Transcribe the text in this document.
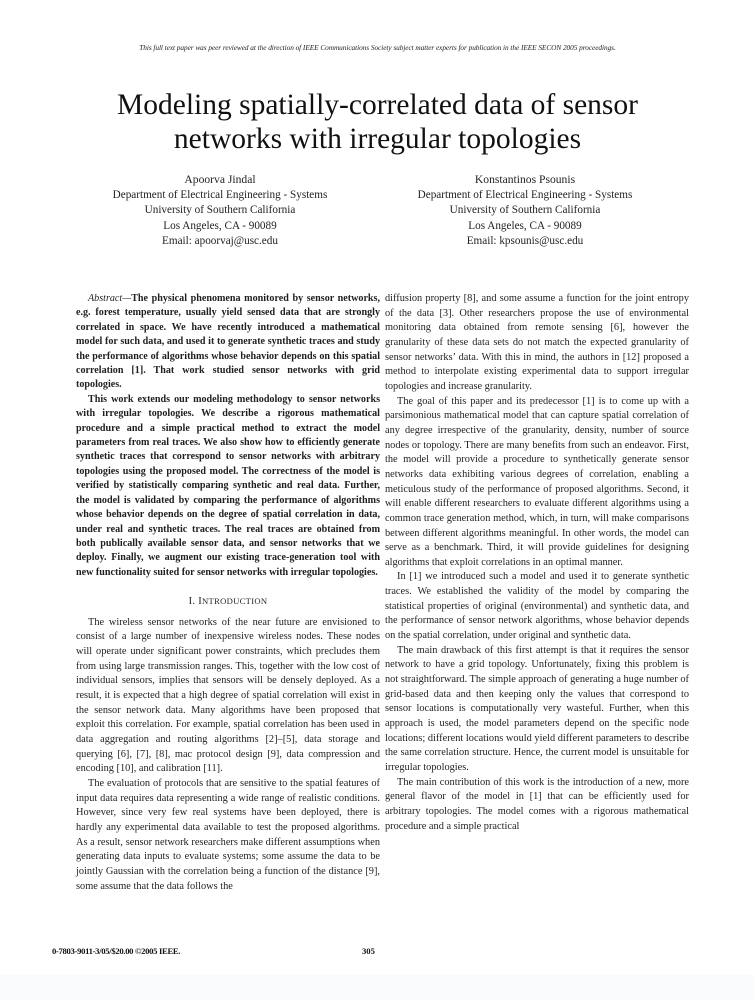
This full text paper was peer reviewed at the direction of IEEE Communications Society subject matter experts for publication in the IEEE SECON 2005 proceedings.
Modeling spatially-correlated data of sensor
networks with irregular topologies
Apoorva Jindal
Department of Electrical Engineering - Systems
University of Southern California
Los Angeles, CA - 90089
Email: apoorvaj@usc.edu
Konstantinos Psounis
Department of Electrical Engineering - Systems
University of Southern California
Los Angeles, CA - 90089
Email: kpsounis@usc.edu

Abstract—The physical phenomena monitored by sensor networks, e.g. forest temperature, usually yield sensed data that are strongly correlated in space. We have recently introduced a mathematical model for such data, and used it to generate synthetic traces and study the performance of algorithms whose behavior depends on this spatial correlation [1]. That work studied sensor networks with grid topologies.

This work extends our modeling methodology to sensor networks with irregular topologies. We describe a rigorous mathematical procedure and a simple practical method to extract the model parameters from real traces. We also show how to efficiently generate synthetic traces that correspond to sensor networks with arbitrary topologies using the proposed model. The correctness of the model is verified by statistically comparing synthetic and real data. Further, the model is validated by comparing the performance of algorithms whose behavior depends on the degree of spatial correlation in data, under real and synthetic traces. The real traces are obtained from both publically available sensor data, and sensor networks that we deploy. Finally, we augment our existing trace-generation tool with new functionality suited for sensor networks with irregular topologies.

I. INTRODUCTION

The wireless sensor networks of the near future are envisioned to consist of a large number of inexpensive wireless nodes. These nodes will operate under significant power constraints, which precludes them from using large transmission ranges. This, together with the low cost of individual sensors, implies that sensors will be densely deployed. As a result, it is expected that a high degree of spatial correlation will exist in the sensor network data. Many algorithms have been proposed that exploit this correlation. For example, spatial correlation has been used in data aggregation and routing algorithms [2]–[5], data storage and querying [6], [7], [8], mac protocol design [9], data compression and encoding [10], and calibration [11].

The evaluation of protocols that are sensitive to the spatial features of input data requires data representing a wide range of realistic conditions. However, since very few real systems have been deployed, there is hardly any experimental data available to test the proposed algorithms. As a result, sensor network researchers make different assumptions when generating data inputs to evaluate systems; some assume the data to be jointly Gaussian with the correlation being a function of the distance [9], some assume that the data follows the

diffusion property [8], and some assume a function for the joint entropy of the data [3]. Other researchers propose the use of environmental monitoring data obtained from remote sensing [6], however the granularity of these data sets do not match the expected granularity of sensor networks’ data. With this in mind, the authors in [12] proposed a method to interpolate existing experimental data to support irregular topologies and increase granularity.

The goal of this paper and its predecessor [1] is to come up with a parsimonious mathematical model that can capture spatial correlation of any degree irrespective of the granularity, density, number of source nodes or topology. There are many benefits from such an endeavor. First, the model will provide a procedure to synthetically generate sensor networks data exhibiting various degrees of correlation, enabling a meticulous study of the performance of proposed algorithms. Second, it will enable different researchers to evaluate different algorithms using a common trace generation method, which, in turn, will make comparisons between different algorithms meaningful. In other words, the model can serve as a benchmark. Third, it will provide guidelines for designing algorithms that exploit correlations in an optimal manner.

In [1] we introduced such a model and used it to generate synthetic traces. We established the validity of the model by comparing the statistical properties of original (environmental) and synthetic data, and the performance of sensor network algorithms, whose behavior depends on the spatial correlation, under original and synthetic data.

The main drawback of this first attempt is that it requires the sensor network to have a grid topology. Unfortunately, fixing this problem is not straightforward. The simple approach of generating a huge number of grid-based data and then keeping only the values that correspond to sensor locations is computationally very wasteful. Further, when this approach is used, the model parameters depend on the specific node locations; different locations would yield different parameters to describe the same correlation structure. Hence, the current model is unsuitable for irregular topologies.

The main contribution of this work is the introduction of a new, more general flavor of the model in [1] that can be efficiently used for arbitrary topologies. The model comes with a rigorous mathematical procedure and a simple practical

0-7803-9011-3/05/$20.00 ©2005 IEEE.	305
